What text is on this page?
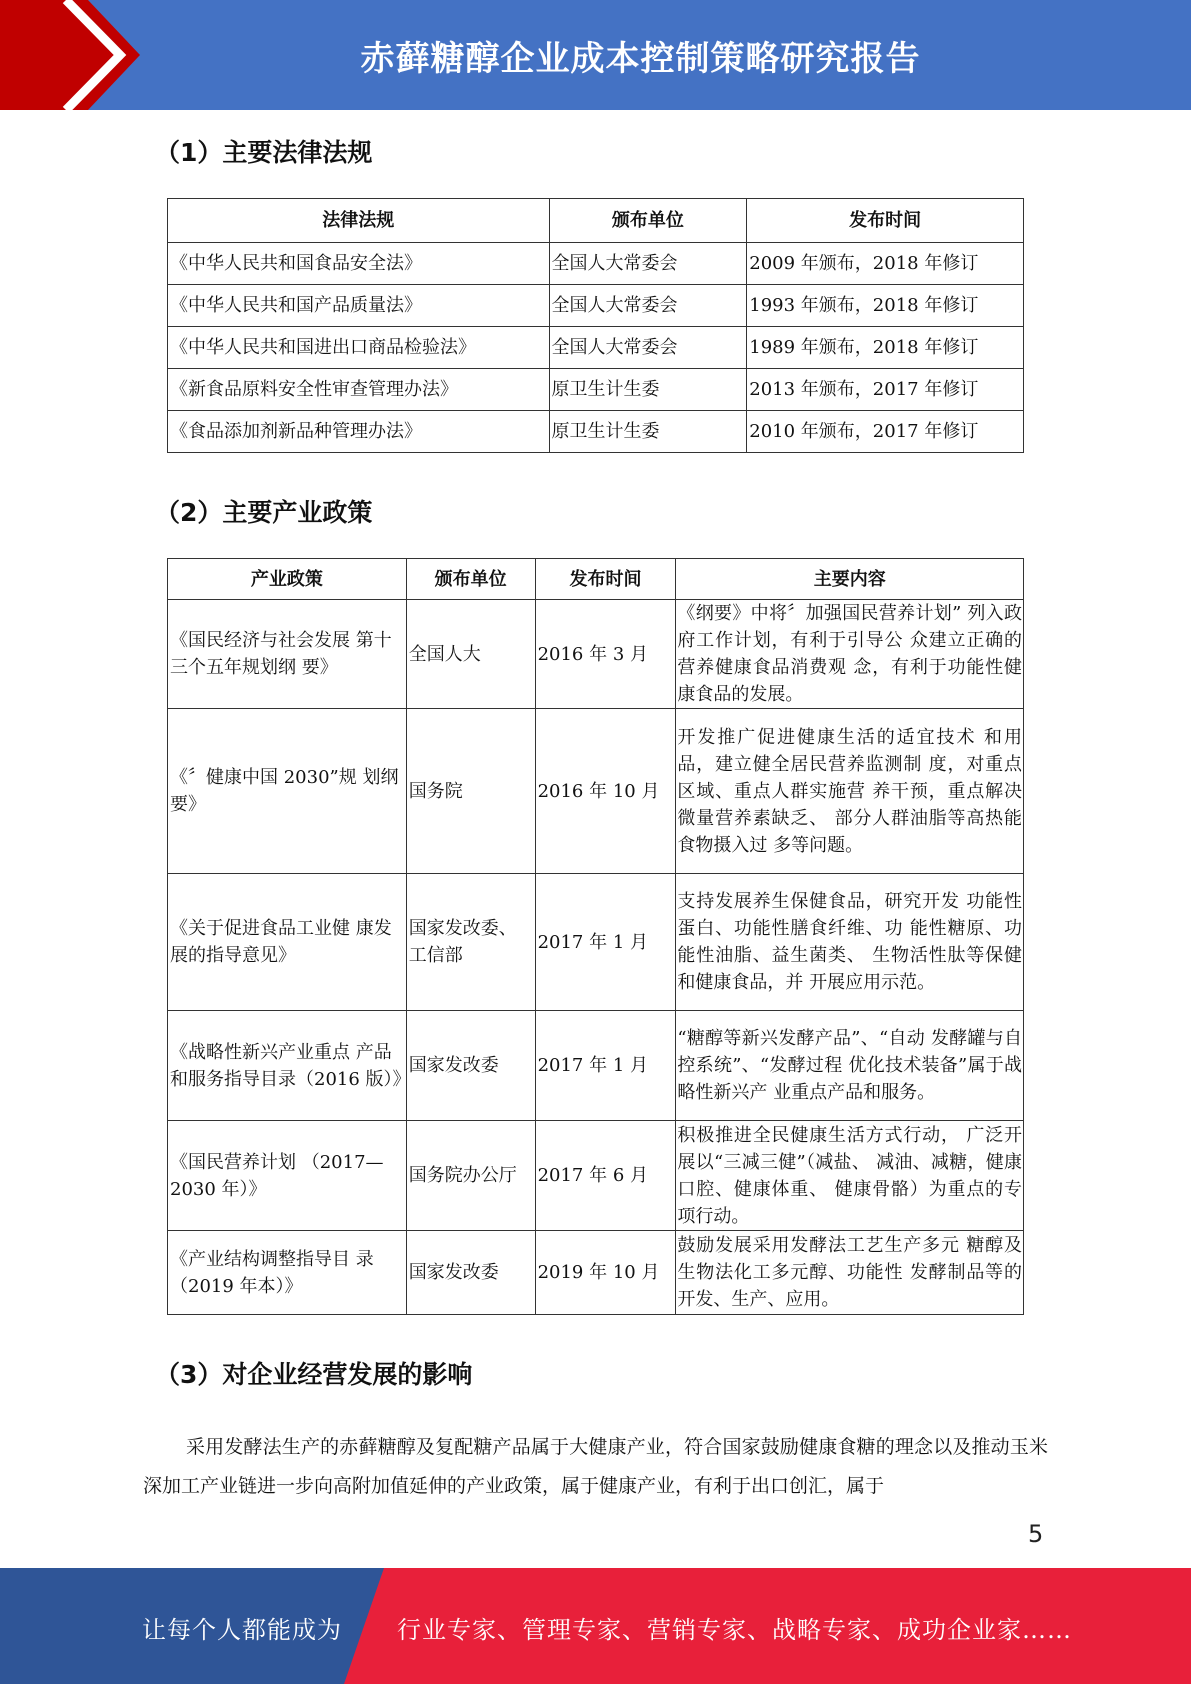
赤藓糖醇企业成本控制策略研究报告
（1）主要法律法规
法律法规	颁布单位	发布时间
《中华人民共和国食品安全法》	全国人大常委会	2009 年颁布，2018 年修订
《中华人民共和国产品质量法》	全国人大常委会	1993 年颁布，2018 年修订
《中华人民共和国进出口商品检验法》	全国人大常委会	1989 年颁布，2018 年修订
《新食品原料安全性审查管理办法》	原卫生计生委	2013 年颁布，2017 年修订
《食品添加剂新品种管理办法》	原卫生计生委	2010 年颁布，2017 年修订
（2）主要产业政策
产业政策	颁布单位	发布时间	主要内容
《国民经济与社会发展 第十三个五年规划纲 要》	全国人大	2016 年 3 月	《纲要》中将〞加强国民营养计划” 列入政府工作计划，有利于引导公 众建立正确的营养健康食品消费观 念，有利于功能性健康食品的发展。
《〞健康中国 2030”规 划纲要》	国务院	2016 年 10 月	开发推广促进健康生活的适宜技术 和用品，建立健全居民营养监测制 度，对重点区域、重点人群实施营 养干预，重点解决微量营养素缺乏、 部分人群油脂等高热能食物摄入过 多等问题。
《关于促进食品工业健 康发展的指导意见》	国家发改委、工信部	2017 年 1 月	支持发展养生保健食品，研究开发 功能性蛋白、功能性膳食纤维、功 能性糖原、功能性油脂、益生菌类、 生物活性肽等保健和健康食品，并 开展应用示范。
《战略性新兴产业重点 产品和服务指导目录（2016 版）》	国家发改委	2017 年 1 月	“糖醇等新兴发酵产品”、“自动 发酵罐与自控系统”、“发酵过程 优化技术装备”属于战略性新兴产 业重点产品和服务。
《国民营养计划 （2017—2030 年）》	国务院办公厅	2017 年 6 月	积极推进全民健康生活方式行动， 广泛开展以“三减三健”（减盐、 减油、减糖，健康口腔、健康体重、 健康骨骼）为重点的专项行动。
《产业结构调整指导目 录（2019 年本）》	国家发改委	2019 年 10 月	鼓励发展采用发酵法工艺生产多元 糖醇及生物法化工多元醇、功能性 发酵制品等的开发、生产、应用。
（3）对企业经营发展的影响

采用发酵法生产的赤藓糖醇及复配糖产品属于大健康产业，符合国家鼓励健康食糖的理念以及推动玉米深加工产业链进一步向高附加值延伸的产业政策，属于健康产业，有利于出口创汇，属于

5
让每个人都能成为 行业专家、管理专家、营销专家、战略专家、成功企业家……
